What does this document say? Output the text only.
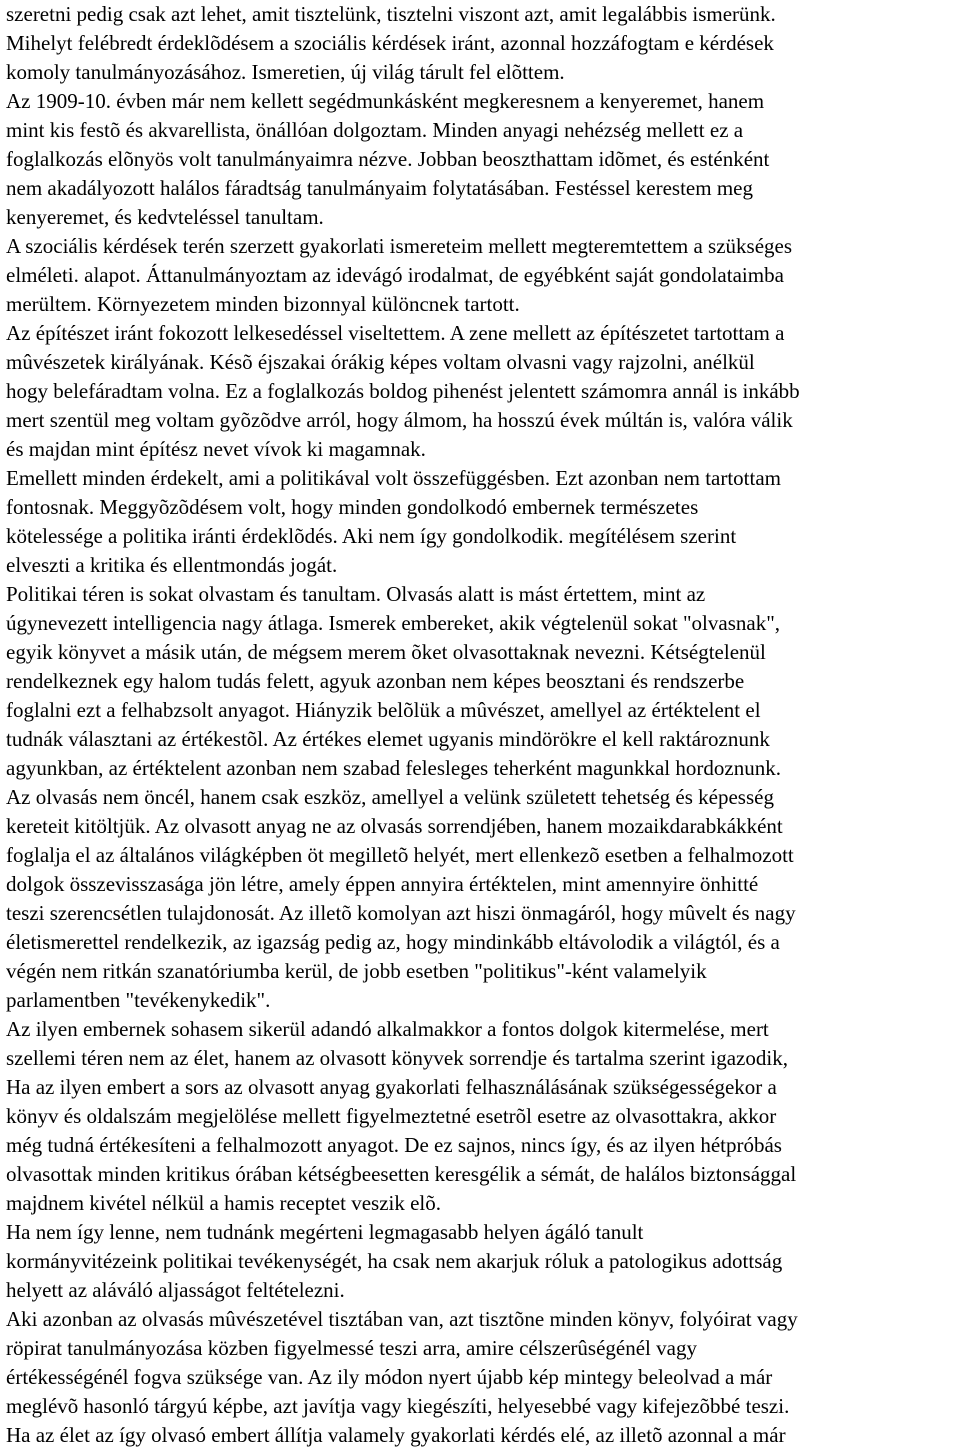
szeretni pedig csak azt lehet, amit tisztelünk, tisztelni viszont azt, amit legalábbis ismerünk.
Mihelyt felébredt érdeklõdésem a szociális kérdések iránt, azonnal hozzáfogtam e kérdések
komoly tanulmányozásához. Ismeretien, új világ tárult fel elõttem.
Az 1909-10. évben már nem kellett segédmunkásként megkeresnem a kenyeremet, hanem
mint kis festõ és akvarellista, önállóan dolgoztam. Minden anyagi nehézség mellett ez a
foglalkozás elõnyös volt tanulmányaimra nézve. Jobban beoszthattam idõmet, és esténként
nem akadályozott halálos fáradtság tanulmányaim folytatásában. Festéssel kerestem meg
kenyeremet, és kedvteléssel tanultam.
A szociális kérdések terén szerzett gyakorlati ismereteim mellett megteremtettem a szükséges
elméleti. alapot. Áttanulmányoztam az idevágó irodalmat, de egyébként saját gondolataimba
merültem. Környezetem minden bizonnyal különcnek tartott.
Az építészet iránt fokozott lelkesedéssel viseltettem. A zene mellett az építészetet tartottam a
mûvészetek királyának. Késõ éjszakai órákig képes voltam olvasni vagy rajzolni, anélkül
hogy belefáradtam volna. Ez a foglalkozás boldog pihenést jelentett számomra annál is inkább
mert szentül meg voltam gyõzõdve arról, hogy álmom, ha hosszú évek múltán is, valóra válik
és majdan mint építész nevet vívok ki magamnak.
Emellett minden érdekelt, ami a politikával volt összefüggésben. Ezt azonban nem tartottam
fontosnak. Meggyõzõdésem volt, hogy minden gondolkodó embernek természetes
kötelessége a politika iránti érdeklõdés. Aki nem így gondolkodik. megítélésem szerint
elveszti a kritika és ellentmondás jogát.
Politikai téren is sokat olvastam és tanultam. Olvasás alatt is mást értettem, mint az
úgynevezett intelligencia nagy átlaga. Ismerek embereket, akik végtelenül sokat "olvasnak",
egyik könyvet a másik után, de mégsem merem õket olvasottaknak nevezni. Kétségtelenül
rendelkeznek egy halom tudás felett, agyuk azonban nem képes beosztani és rendszerbe
foglalni ezt a felhabzsolt anyagot. Hiányzik belõlük a mûvészet, amellyel az értéktelent el
tudnák választani az értékestõl. Az értékes elemet ugyanis mindörökre el kell raktároznunk
agyunkban, az értéktelent azonban nem szabad felesleges teherként magunkkal hordoznunk.
Az olvasás nem öncél, hanem csak eszköz, amellyel a velünk született tehetség és képesség
kereteit kitöltjük. Az olvasott anyag ne az olvasás sorrendjében, hanem mozaikdarabkákként
foglalja el az általános világképben öt megilletõ helyét, mert ellenkezõ esetben a felhalmozott
dolgok összevisszasága jön létre, amely éppen annyira értéktelen, mint amennyire önhitté
teszi szerencsétlen tulajdonosát. Az illetõ komolyan azt hiszi önmagáról, hogy mûvelt és nagy
életismerettel rendelkezik, az igazság pedig az, hogy mindinkább eltávolodik a világtól, és a
végén nem ritkán szanatóriumba kerül, de jobb esetben "politikus"-ként valamelyik
parlamentben "tevékenykedik".
Az ilyen embernek sohasem sikerül adandó alkalmakkor a fontos dolgok kitermelése, mert
szellemi téren nem az élet, hanem az olvasott könyvek sorrendje és tartalma szerint igazodik,
Ha az ilyen embert a sors az olvasott anyag gyakorlati felhasználásának szükségességekor a
könyv és oldalszám megjelölése mellett figyelmeztetné esetrõl esetre az olvasottakra, akkor
még tudná értékesíteni a felhalmozott anyagot. De ez sajnos, nincs így, és az ilyen hétpróbás
olvasottak minden kritikus órában kétségbeesetten keresgélik a sémát, de halálos biztonsággal
majdnem kivétel nélkül a hamis receptet veszik elõ.
Ha nem így lenne, nem tudnánk megérteni legmagasabb helyen ágáló tanult
kormányvitézeink politikai tevékenységét, ha csak nem akarjuk róluk a patologikus adottság
helyett az aláváló aljasságot feltételezni.
Aki azonban az olvasás mûvészetével tisztában van, azt tisztõne minden könyv, folyóirat vagy
röpirat tanulmányozása közben figyelmessé teszi arra, amire célszerûségénél vagy
értékességénél fogva szüksége van. Az ily módon nyert újabb kép mintegy beleolvad a már
meglévõ hasonló tárgyú képbe, azt javítja vagy kiegészíti, helyesebbé vagy kifejezõbbé teszi.
Ha az élet az így olvasó embert állítja valamely gyakorlati kérdés elé, az illetõ azonnal a már
